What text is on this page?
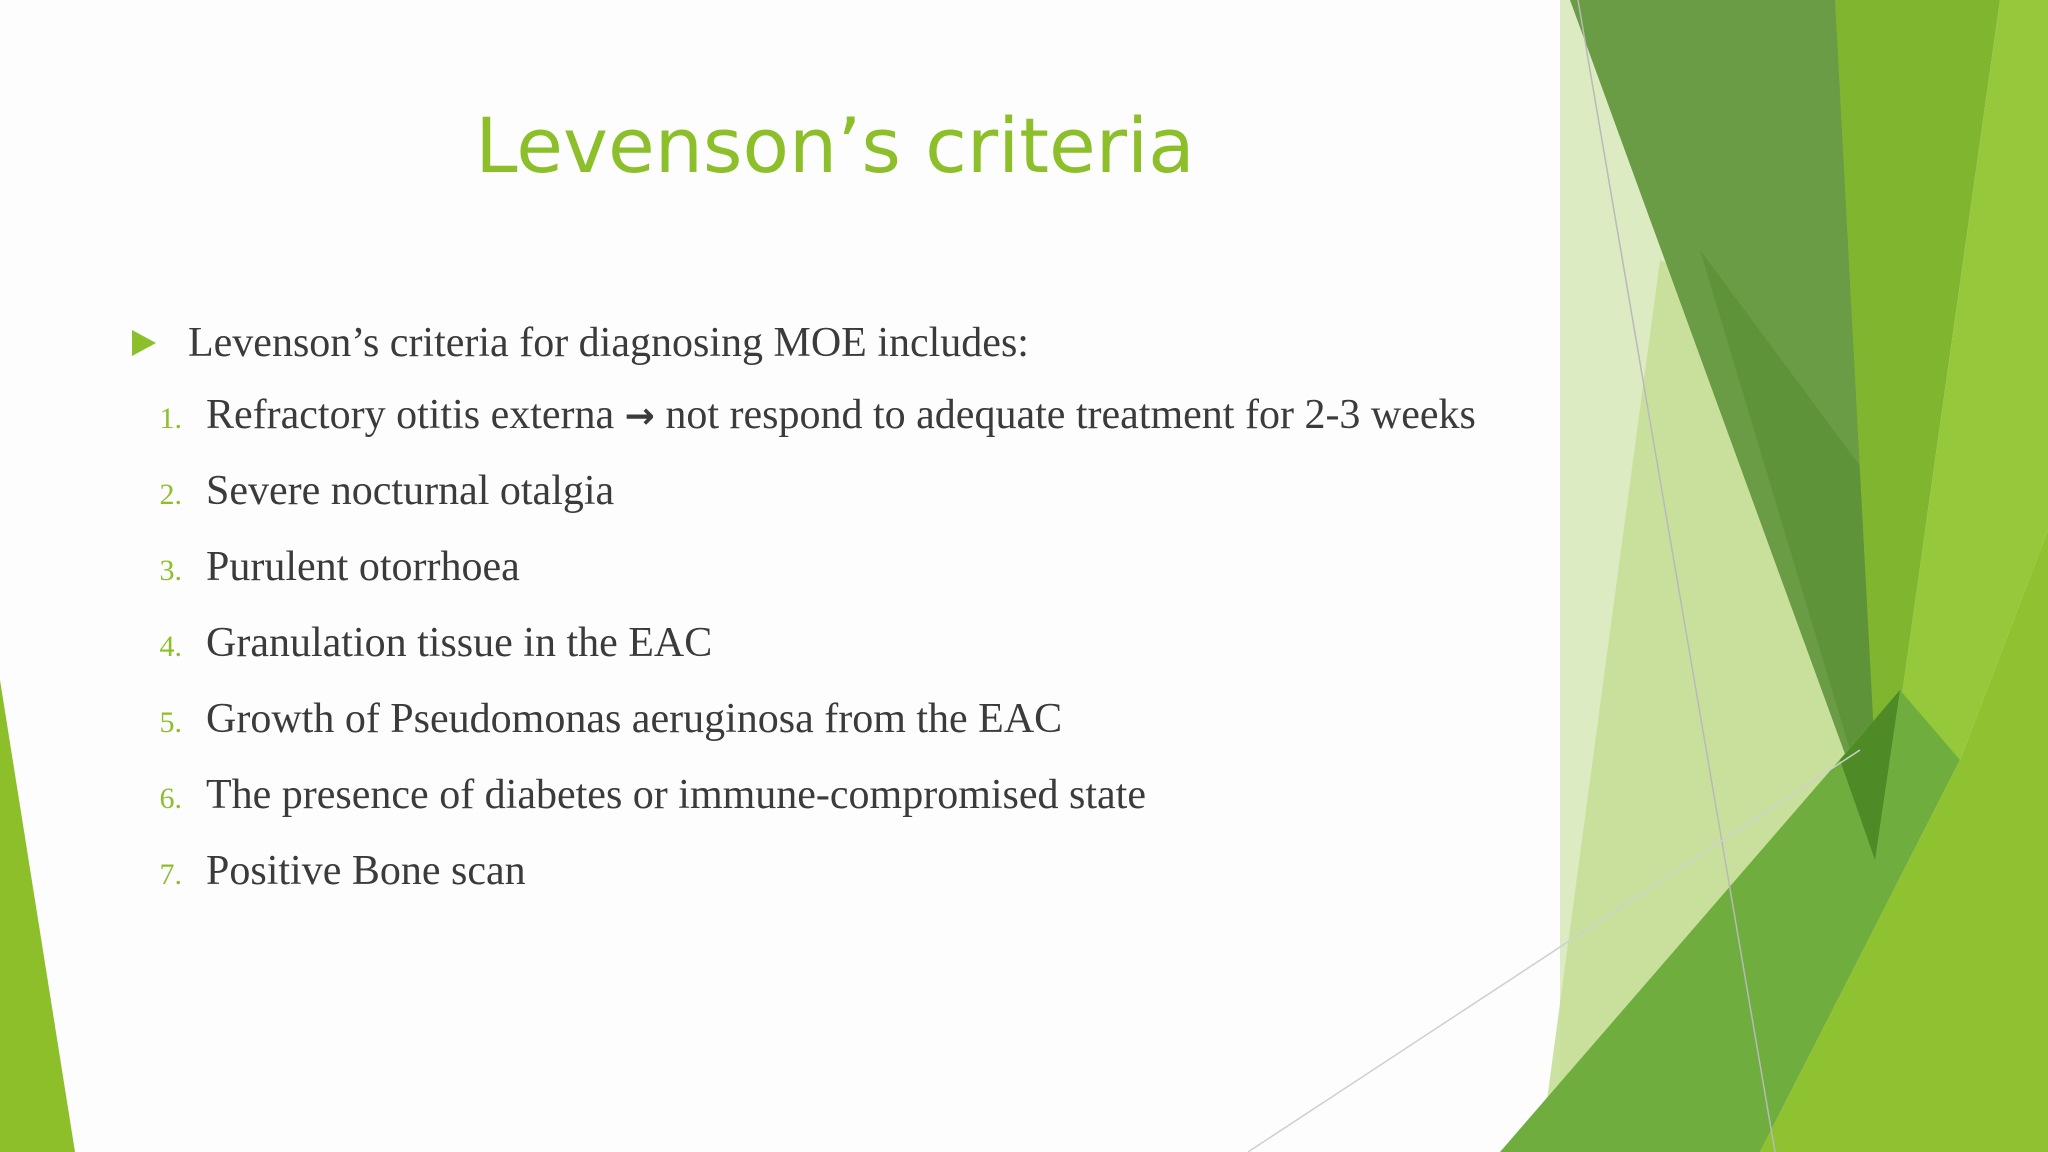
Levenson’s criteria
Levenson’s criteria for diagnosing MOE includes:
1. Refractory otitis externa → not respond to adequate treatment for 2-3 weeks
2. Severe nocturnal otalgia
3. Purulent otorrhoea
4. Granulation tissue in the EAC
5. Growth of Pseudomonas aeruginosa from the EAC
6. The presence of diabetes or immune-compromised state
7. Positive Bone scan
